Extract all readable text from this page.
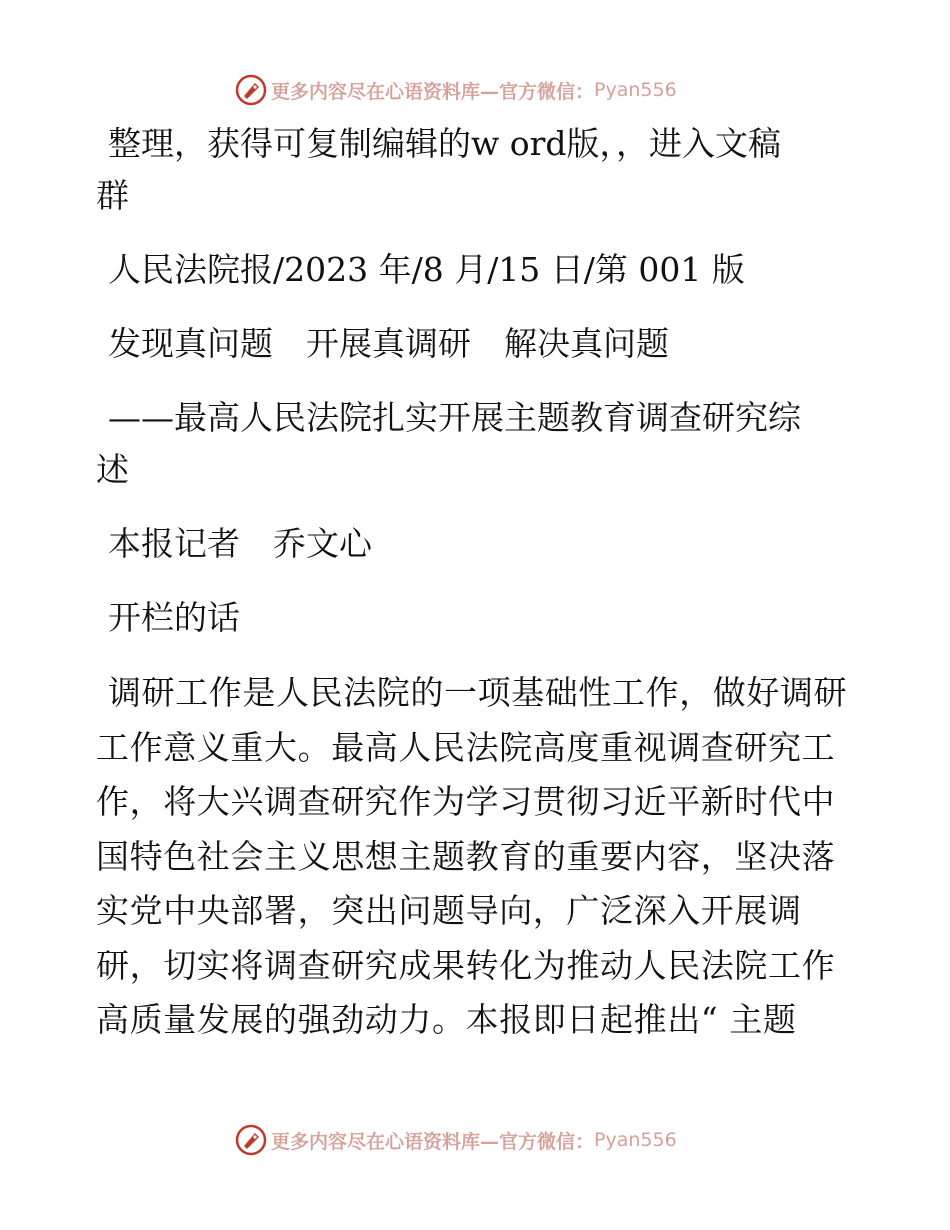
更多内容尽在心语资料库—官方微信： Pyan556

整理，获得可复制编辑的w ord版，，进入文稿

群

人民法院报/2023 年/8 月/15 日/第 001 版

发现真问题　开展真调研　解决真问题

——最高人民法院扎实开展主题教育调查研究综

述

本报记者　乔文心

开栏的话

调研工作是人民法院的一项基础性工作，做好调研工作意义重大。最高人民法院高度重视调查研究工作，将大兴调查研究作为学习贯彻习近平新时代中国特色社会主义思想主题教育的重要内容，坚决落实党中央部署，突出问题导向，广泛深入开展调研，切实将调查研究成果转化为推动人民法院工作高质量发展的强劲动力。本报即日起推出“ 主题

更多内容尽在心语资料库—官方微信： Pyan556
